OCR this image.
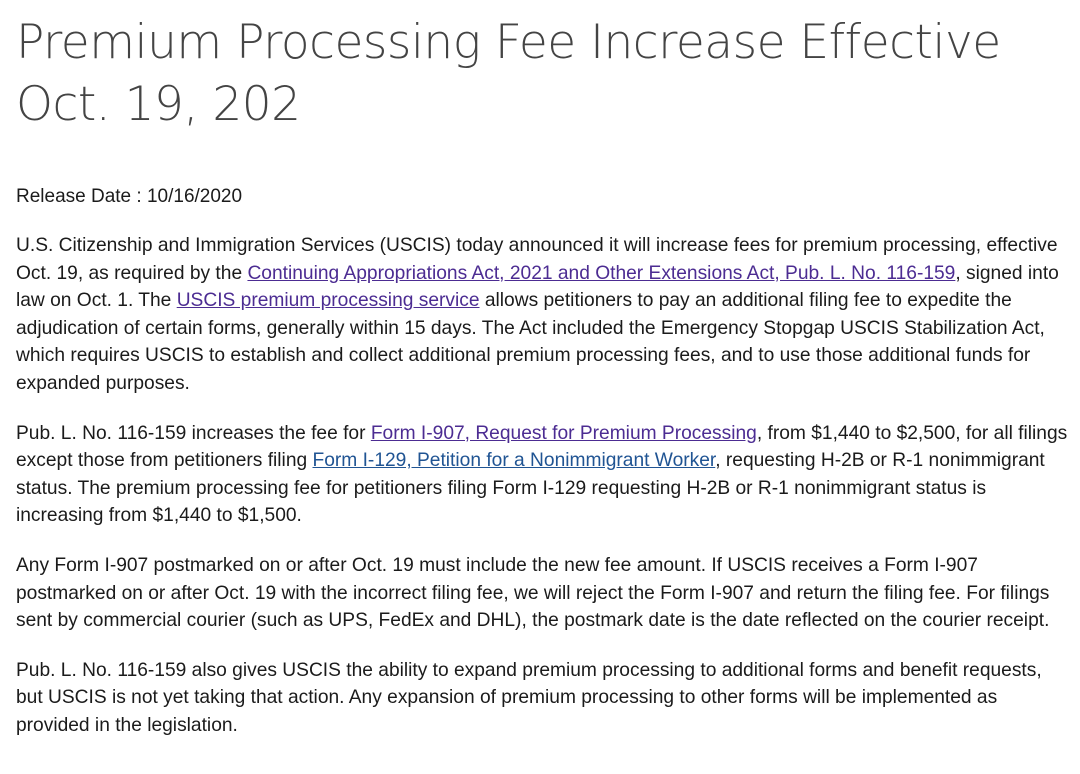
Premium Processing Fee Increase Effective Oct. 19, 202
Release Date : 10/16/2020

U.S. Citizenship and Immigration Services (USCIS) today announced it will increase fees for premium processing, effective Oct. 19, as required by the Continuing Appropriations Act, 2021 and Other Extensions Act, Pub. L. No. 116-159, signed into law on Oct. 1. The USCIS premium processing service allows petitioners to pay an additional filing fee to expedite the adjudication of certain forms, generally within 15 days. The Act included the Emergency Stopgap USCIS Stabilization Act, which requires USCIS to establish and collect additional premium processing fees, and to use those additional funds for expanded purposes.

Pub. L. No. 116-159 increases the fee for Form I-907, Request for Premium Processing, from $1,440 to $2,500, for all filings except those from petitioners filing Form I-129, Petition for a Nonimmigrant Worker, requesting H-2B or R-1 nonimmigrant status. The premium processing fee for petitioners filing Form I-129 requesting H-2B or R-1 nonimmigrant status is increasing from $1,440 to $1,500.

Any Form I-907 postmarked on or after Oct. 19 must include the new fee amount. If USCIS receives a Form I-907 postmarked on or after Oct. 19 with the incorrect filing fee, we will reject the Form I-907 and return the filing fee. For filings sent by commercial courier (such as UPS, FedEx and DHL), the postmark date is the date reflected on the courier receipt.

Pub. L. No. 116-159 also gives USCIS the ability to expand premium processing to additional forms and benefit requests, but USCIS is not yet taking that action. Any expansion of premium processing to other forms will be implemented as provided in the legislation.
